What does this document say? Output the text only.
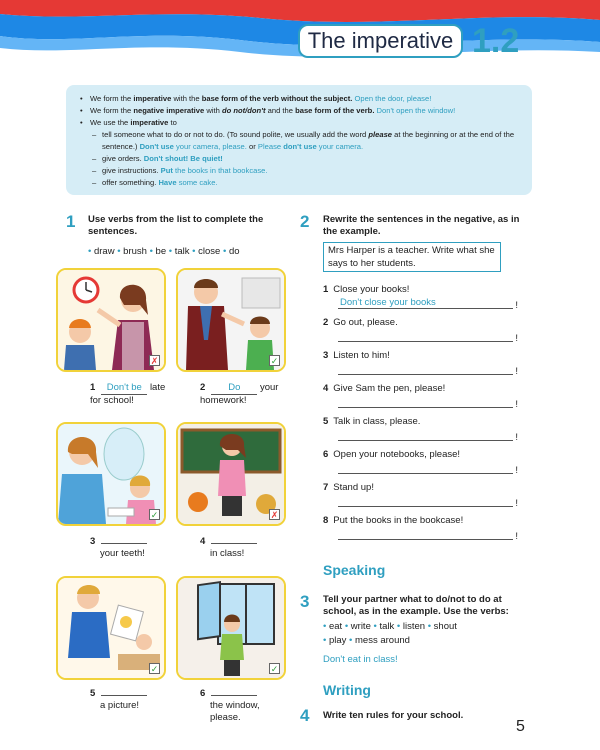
The imperative 1.2
• We form the imperative with the base form of the verb without the subject. Open the door, please!
• We form the negative imperative with do not/don't and the base form of the verb. Don't open the window!
• We use the imperative to
– tell someone what to do or not to do. (To sound polite, we usually add the word please at the beginning or at the end of the sentence.) Don't use your camera, please. or Please don't use your camera.
– give orders. Don't shout! Be quiet!
– give instructions. Put the books in that bookcase.
– offer something. Have some cake.
1 Use verbs from the list to complete the sentences.
• draw • brush • be • talk • close • do
✗	✓
1 Don't be late
for school!
2 Do your
homework!
✓	✗
3
your teeth!
4
in class!
✓	✓
5
a picture!
6
the window,
please.
2 Rewrite the sentences in the negative, as in the example.
Mrs Harper is a teacher. Write what she says to her students.
1 Close your books!
Don't close your books	!
2 Go out, please.
!
3 Listen to him!
!
4 Give Sam the pen, please!
!
5 Talk in class, please.
!
6 Open your notebooks, please!
!
7 Stand up!
!
8 Put the books in the bookcase!
!
Speaking
3 Tell your partner what to do/not to do at school, as in the example. Use the verbs:
• eat • write • talk • listen • shout
• play • mess around
Don't eat in class!
Writing
4 Write ten rules for your school.
5
